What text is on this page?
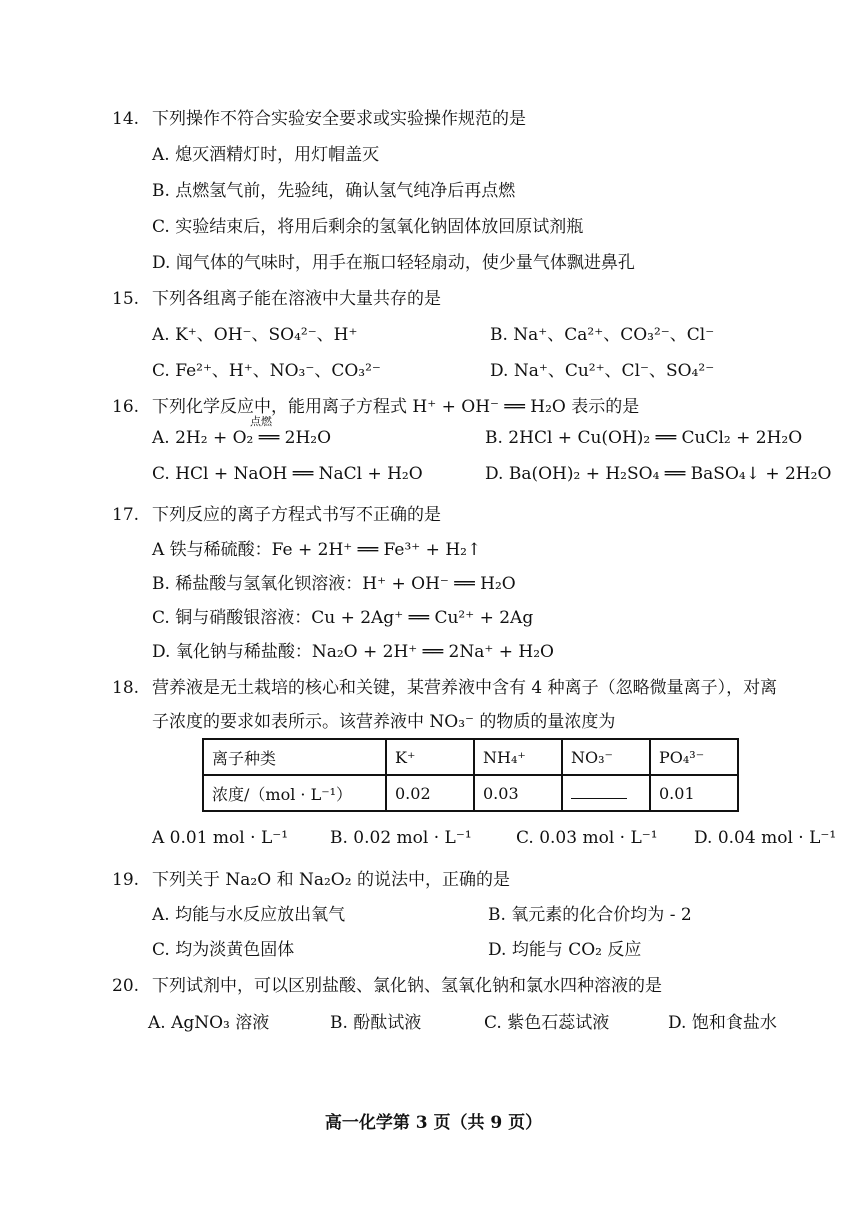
14. 下列操作不符合实验安全要求或实验操作规范的是
A. 熄灭酒精灯时，用灯帽盖灭
B. 点燃氢气前，先验纯，确认氢气纯净后再点燃
C. 实验结束后，将用后剩余的氢氧化钠固体放回原试剂瓶
D. 闻气体的气味时，用手在瓶口轻轻扇动，使少量气体飘进鼻孔
15. 下列各组离子能在溶液中大量共存的是
A. K⁺、OH⁻、SO₄²⁻、H⁺	B. Na⁺、Ca²⁺、CO₃²⁻、Cl⁻
C. Fe²⁺、H⁺、NO₃⁻、CO₃²⁻	D. Na⁺、Cu²⁺、Cl⁻、SO₄²⁻
16. 下列化学反应中，能用离子方程式 H⁺ + OH⁻ ══ H₂O 表示的是
点燃
A. 2H₂ + O₂ ══ 2H₂O	B. 2HCl + Cu(OH)₂ ══ CuCl₂ + 2H₂O
C. HCl + NaOH ══ NaCl + H₂O	D. Ba(OH)₂ + H₂SO₄ ══ BaSO₄↓ + 2H₂O
17. 下列反应的离子方程式书写不正确的是
A 铁与稀硫酸：Fe + 2H⁺ ══ Fe³⁺ + H₂↑
B. 稀盐酸与氢氧化钡溶液：H⁺ + OH⁻ ══ H₂O
C. 铜与硝酸银溶液：Cu + 2Ag⁺ ══ Cu²⁺ + 2Ag
D. 氧化钠与稀盐酸：Na₂O + 2H⁺ ══ 2Na⁺ + H₂O
18. 营养液是无土栽培的核心和关键，某营养液中含有 4 种离子（忽略微量离子），对离
子浓度的要求如表所示。该营养液中 NO₃⁻ 的物质的量浓度为
离子种类	K⁺	NH₄⁺	NO₃⁻	PO₄³⁻
浓度/（mol · L⁻¹）	0.02	0.03		0.01
A 0.01 mol · L⁻¹ B. 0.02 mol · L⁻¹	C. 0.03 mol · L⁻¹ D. 0.04 mol · L⁻¹
19. 下列关于 Na₂O 和 Na₂O₂ 的说法中，正确的是
A. 均能与水反应放出氧气	B. 氧元素的化合价均为 - 2
C. 均为淡黄色固体	D. 均能与 CO₂ 反应
20. 下列试剂中，可以区别盐酸、氯化钠、氢氧化钠和氯水四种溶液的是
A. AgNO₃ 溶液	B. 酚酞试液	C. 紫色石蕊试液	D. 饱和食盐水
高一化学第 3 页（共 9 页）
